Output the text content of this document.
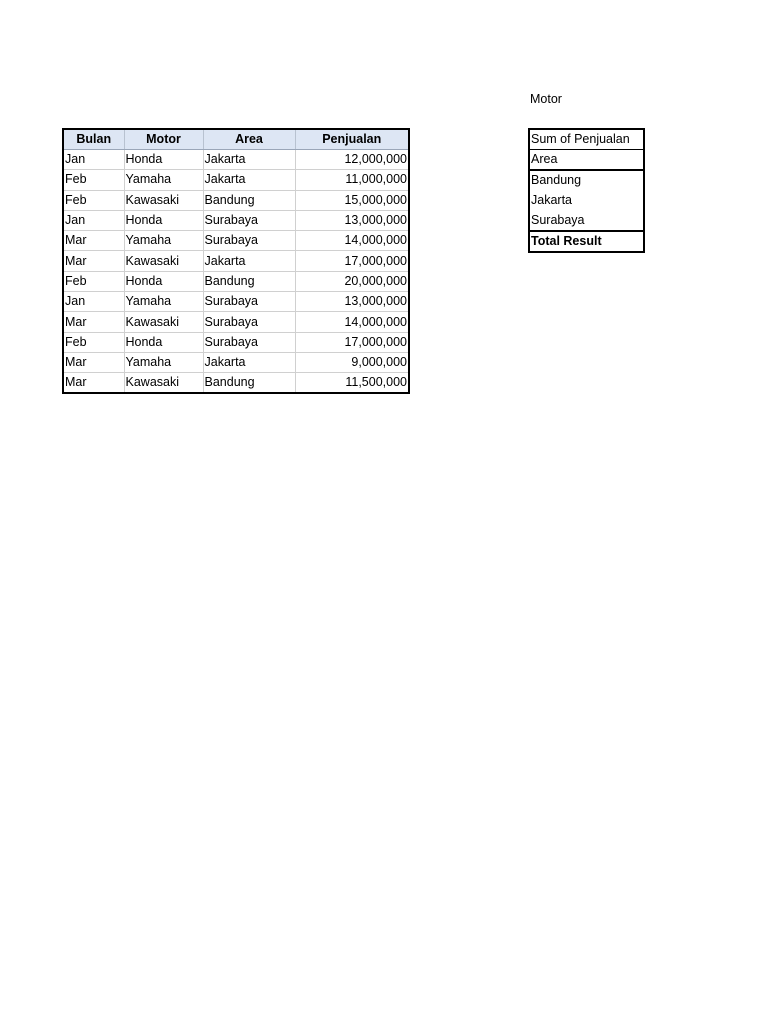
Bulan	Motor	Area	Penjualan
Jan	Honda	Jakarta	12,000,000
Feb	Yamaha	Jakarta	11,000,000
Feb	Kawasaki	Bandung	15,000,000
Jan	Honda	Surabaya	13,000,000
Mar	Yamaha	Surabaya	14,000,000
Mar	Kawasaki	Jakarta	17,000,000
Feb	Honda	Bandung	20,000,000
Jan	Yamaha	Surabaya	13,000,000
Mar	Kawasaki	Surabaya	14,000,000
Feb	Honda	Surabaya	17,000,000
Mar	Yamaha	Jakarta	9,000,000
Mar	Kawasaki	Bandung	11,500,000
Motor
Sum of Penjualan
Area
Bandung
Jakarta
Surabaya
Total Result
